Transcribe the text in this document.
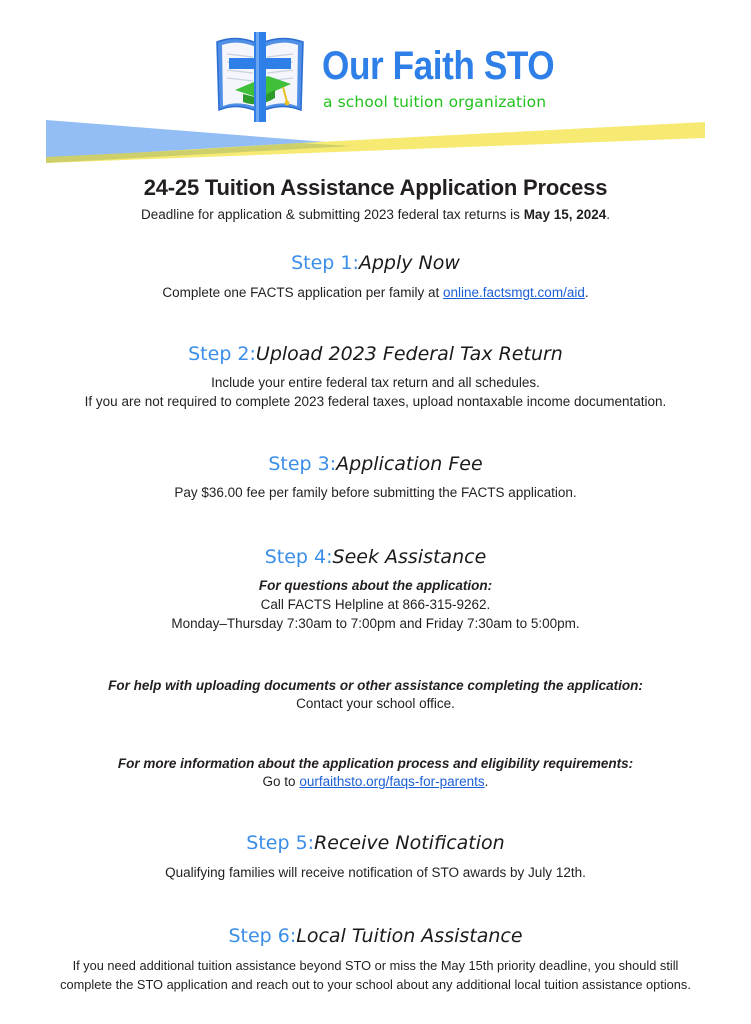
Our Faith STO
a school tuition organization
24-25 Tuition Assistance Application Process
Deadline for application & submitting 2023 federal tax returns is May 15, 2024.
Step 1:Apply Now
Complete one FACTS application per family at online.factsmgt.com/aid.
Step 2:Upload 2023 Federal Tax Return
Include your entire federal tax return and all schedules.
If you are not required to complete 2023 federal taxes, upload nontaxable income documentation.
Step 3:Application Fee
Pay $36.00 fee per family before submitting the FACTS application.
Step 4:Seek Assistance
For questions about the application:
Call FACTS Helpline at 866-315-9262.
Monday–Thursday 7:30am to 7:00pm and Friday 7:30am to 5:00pm.
For help with uploading documents or other assistance completing the application:
Contact your school office.
For more information about the application process and eligibility requirements:
Go to ourfaithsto.org/faqs-for-parents.
Step 5:Receive Notification
Qualifying families will receive notification of STO awards by July 12th.
Step 6:Local Tuition Assistance
If you need additional tuition assistance beyond STO or miss the May 15th priority deadline, you should still
complete the STO application and reach out to your school about any additional local tuition assistance options.
